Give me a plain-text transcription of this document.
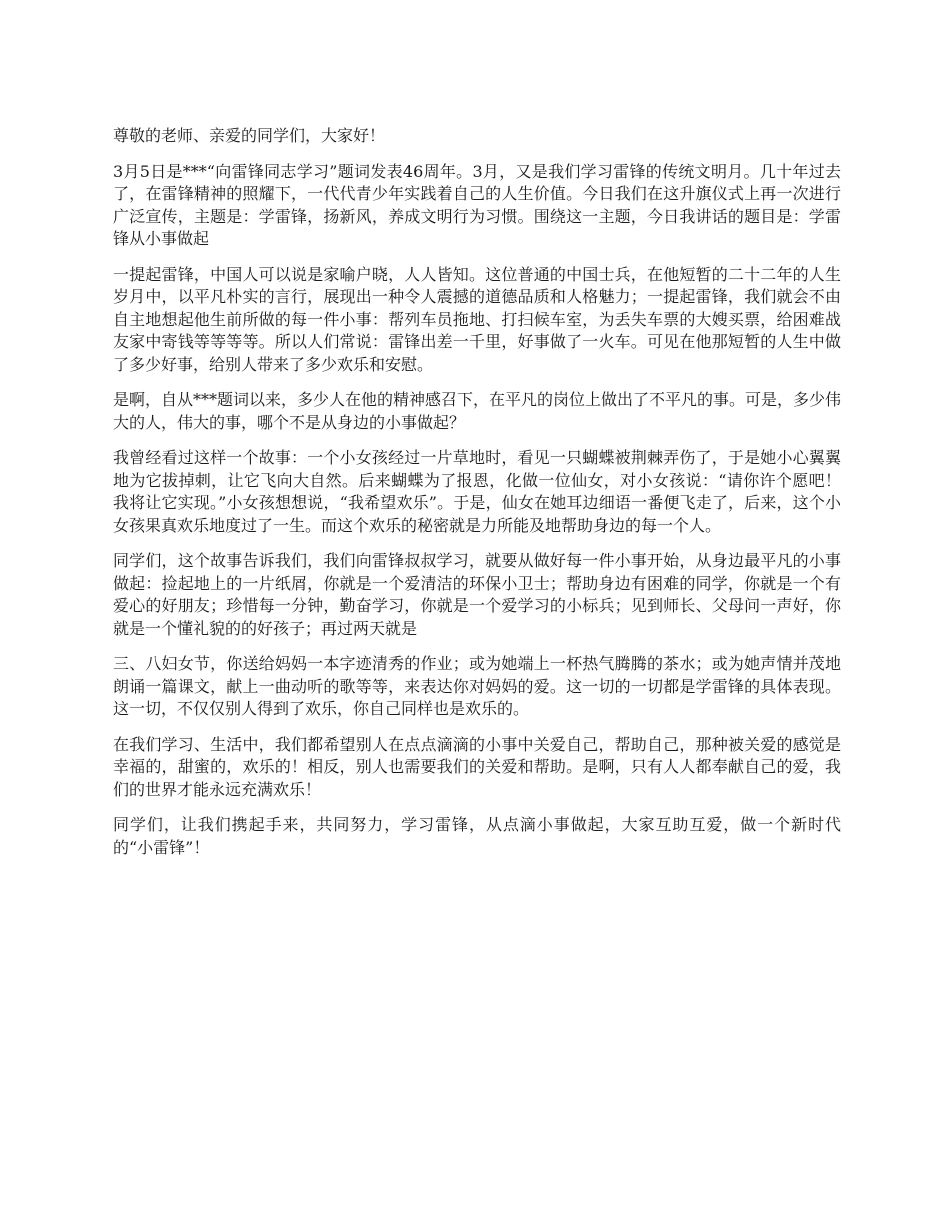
尊敬的老师、亲爱的同学们，大家好！

3月5日是***“向雷锋同志学习”题词发表46周年。3月，又是我们学习雷锋的传统文明月。几十年过去了，在雷锋精神的照耀下，一代代青少年实践着自己的人生价值。今日我们在这升旗仪式上再一次进行广泛宣传，主题是：学雷锋，扬新风，养成文明行为习惯。围绕这一主题，今日我讲话的题目是：学雷锋从小事做起

一提起雷锋，中国人可以说是家喻户晓，人人皆知。这位普通的中国士兵，在他短暂的二十二年的人生岁月中，以平凡朴实的言行，展现出一种令人震撼的道德品质和人格魅力；一提起雷锋，我们就会不由自主地想起他生前所做的每一件小事：帮列车员拖地、打扫候车室，为丢失车票的大嫂买票，给困难战友家中寄钱等等等等。所以人们常说：雷锋出差一千里，好事做了一火车。可见在他那短暂的人生中做了多少好事，给别人带来了多少欢乐和安慰。

是啊，自从***题词以来，多少人在他的精神感召下，在平凡的岗位上做出了不平凡的事。可是，多少伟大的人，伟大的事，哪个不是从身边的小事做起？

我曾经看过这样一个故事：一个小女孩经过一片草地时，看见一只蝴蝶被荆棘弄伤了，于是她小心翼翼地为它拔掉刺，让它飞向大自然。后来蝴蝶为了报恩，化做一位仙女，对小女孩说：“请你许个愿吧！我将让它实现。”小女孩想想说，“我希望欢乐”。于是，仙女在她耳边细语一番便飞走了，后来，这个小女孩果真欢乐地度过了一生。而这个欢乐的秘密就是力所能及地帮助身边的每一个人。

同学们，这个故事告诉我们，我们向雷锋叔叔学习，就要从做好每一件小事开始，从身边最平凡的小事做起：捡起地上的一片纸屑，你就是一个爱清洁的环保小卫士；帮助身边有困难的同学，你就是一个有爱心的好朋友；珍惜每一分钟，勤奋学习，你就是一个爱学习的小标兵；见到师长、父母问一声好，你就是一个懂礼貌的的好孩子；再过两天就是

三、八妇女节，你送给妈妈一本字迹清秀的作业；或为她端上一杯热气腾腾的茶水；或为她声情并茂地朗诵一篇课文，献上一曲动听的歌等等，来表达你对妈妈的爱。这一切的一切都是学雷锋的具体表现。这一切，不仅仅别人得到了欢乐，你自己同样也是欢乐的。

在我们学习、生活中，我们都希望别人在点点滴滴的小事中关爱自己，帮助自己，那种被关爱的感觉是幸福的，甜蜜的，欢乐的！相反，别人也需要我们的关爱和帮助。是啊，只有人人都奉献自己的爱，我们的世界才能永远充满欢乐！

同学们，让我们携起手来，共同努力，学习雷锋，从点滴小事做起，大家互助互爱，做一个新时代的“小雷锋”！
